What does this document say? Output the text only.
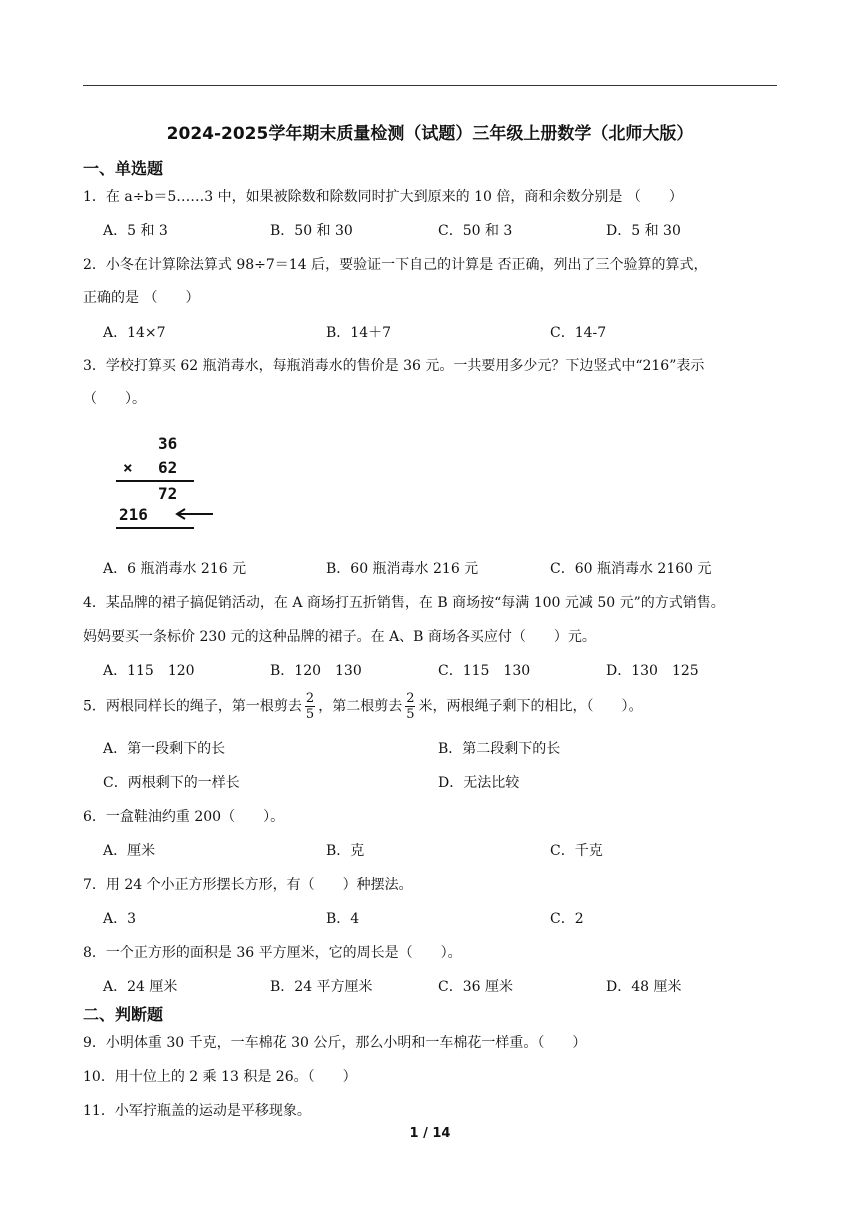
2024-2025学年期末质量检测（试题）三年级上册数学（北师大版）
一、单选题
1．在 a÷b＝5……3 中，如果被除数和除数同时扩大到原来的 10 倍，商和余数分别是 （　　）
A．5 和 3	B．50 和 30	C．50 和 3	D．5 和 30
2．小冬在计算除法算式 98÷7＝14 后，要验证一下自己的计算是 否正确，列出了三个验算的算式，
正确的是 （　　）
A．14×7	B．14＋7	C．14-7
3．学校打算买 62 瓶消毒水，每瓶消毒水的售价是 36 元。一共要用多少元？下边竖式中“216”表示
（　　）。
36
× 62
72
216
A．6 瓶消毒水 216 元	B．60 瓶消毒水 216 元	C．60 瓶消毒水 2160 元
4．某品牌的裙子搞促销活动，在 A 商场打五折销售，在 B 商场按“每满 100 元减 50 元”的方式销售。
妈妈要买一条标价 230 元的这种品牌的裙子。在 A、B 商场各买应付（　　）元。
A．115　120	B．120　130	C．115　130	D．130　125
5．两根同样长的绳子，第一根剪去 $\frac{2}{5}$ ，第二根剪去 $\frac{2}{5}$ 米，两根绳子剩下的相比，（　　）。
A．第一段剩下的长	B．第二段剩下的长
C．两根剩下的一样长	D．无法比较
6．一盒鞋油约重 200（　　）。
A．厘米	B．克	C．千克
7．用 24 个小正方形摆长方形，有（　　）种摆法。
A．3	B．4	C．2
8．一个正方形的面积是 36 平方厘米，它的周长是（　　）。
A．24 厘米	B．24 平方厘米	C．36 厘米	D．48 厘米
二、判断题
9．小明体重 30 千克，一车棉花 30 公斤，那么小明和一车棉花一样重。（　　）
10．用十位上的 2 乘 13 积是 26。（　　）
11．小军拧瓶盖的运动是平移现象。
1 / 14
